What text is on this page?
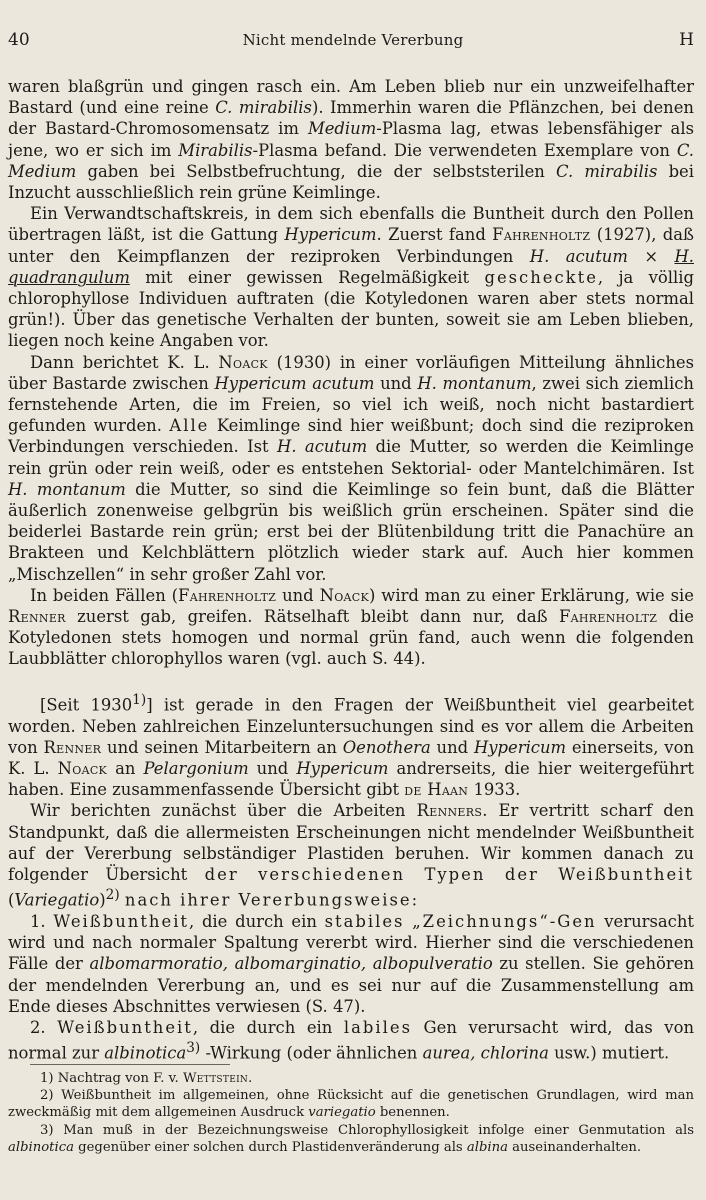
40	Nicht mendelnde Vererbung	H

waren blaßgrün und gingen rasch ein. Am Leben blieb nur ein unzweifelhafter Bastard (und eine reine C. mirabilis). Immerhin waren die Pflänzchen, bei denen der Bastard-Chromosomensatz im Medium-Plasma lag, etwas lebensfähiger als jene, wo er sich im Mirabilis-Plasma befand. Die verwendeten Exemplare von C. Medium gaben bei Selbstbefruchtung, die der selbststerilen C. mirabilis bei Inzucht ausschließlich rein grüne Keimlinge.

Ein Verwandtschaftskreis, in dem sich ebenfalls die Buntheit durch den Pollen übertragen läßt, ist die Gattung Hypericum. Zuerst fand Fahrenholtz (1927), daß unter den Keimpflanzen der reziproken Verbindungen H. acutum × H. quadrangulum mit einer gewissen Regelmäßigkeit gescheckte, ja völlig chlorophyllose Individuen auftraten (die Kotyledonen waren aber stets normal grün!). Über das genetische Verhalten der bunten, soweit sie am Leben blieben, liegen noch keine Angaben vor.

Dann berichtet K. L. Noack (1930) in einer vorläufigen Mitteilung ähnliches über Bastarde zwischen Hypericum acutum und H. montanum, zwei sich ziemlich fernstehende Arten, die im Freien, so viel ich weiß, noch nicht bastardiert gefunden wurden. Alle Keimlinge sind hier weißbunt; doch sind die reziproken Verbindungen verschieden. Ist H. acutum die Mutter, so werden die Keimlinge rein grün oder rein weiß, oder es entstehen Sektorial- oder Mantelchimären. Ist H. montanum die Mutter, so sind die Keimlinge so fein bunt, daß die Blätter äußerlich zonenweise gelbgrün bis weißlich grün erscheinen. Später sind die beiderlei Bastarde rein grün; erst bei der Blütenbildung tritt die Panachüre an Brakteen und Kelchblättern plötzlich wieder stark auf. Auch hier kommen „Mischzellen“ in sehr großer Zahl vor.

In beiden Fällen (Fahrenholtz und Noack) wird man zu einer Erklärung, wie sie Renner zuerst gab, greifen. Rätselhaft bleibt dann nur, daß Fahrenholtz die Kotyledonen stets homogen und normal grün fand, auch wenn die folgenden Laubblätter chlorophyllos waren (vgl. auch S. 44).

[Seit 1930$^{1)}$] ist gerade in den Fragen der Weißbuntheit viel gearbeitet worden. Neben zahlreichen Einzeluntersuchungen sind es vor allem die Arbeiten von Renner und seinen Mitarbeitern an Oenothera und Hypericum einerseits, von K. L. Noack an Pelargonium und Hypericum andrerseits, die hier weitergeführt haben. Eine zusammenfassende Übersicht gibt de Haan 1933.

Wir berichten zunächst über die Arbeiten Renners. Er vertritt scharf den Standpunkt, daß die allermeisten Erscheinungen nicht mendelnder Weißbuntheit auf der Vererbung selbständiger Plastiden beruhen. Wir kommen danach zu folgender Übersicht der verschiedenen Typen der Weißbuntheit (Variegatio)$^{2)}$ nach ihrer Vererbungsweise:

1. Weißbuntheit, die durch ein stabiles „Zeichnungs“-Gen verursacht wird und nach normaler Spaltung vererbt wird. Hierher sind die verschiedenen Fälle der albomarmoratio, albomarginatio, albopulveratio zu stellen. Sie gehören der mendelnden Vererbung an, und es sei nur auf die Zusammenstellung am Ende dieses Abschnittes verwiesen (S. 47).

2. Weißbuntheit, die durch ein labiles Gen verursacht wird, das von normal zur albinotica$^{3)}$ -Wirkung (oder ähnlichen aurea, chlorina usw.) mutiert.

1) Nachtrag von F. v. Wettstein.

2) Weißbuntheit im allgemeinen, ohne Rücksicht auf die genetischen Grundlagen, wird man zweckmäßig mit dem allgemeinen Ausdruck variegatio benennen.

3) Man muß in der Bezeichnungsweise Chlorophyllosigkeit infolge einer Genmutation als albinotica gegenüber einer solchen durch Plastidenveränderung als albina auseinanderhalten.
